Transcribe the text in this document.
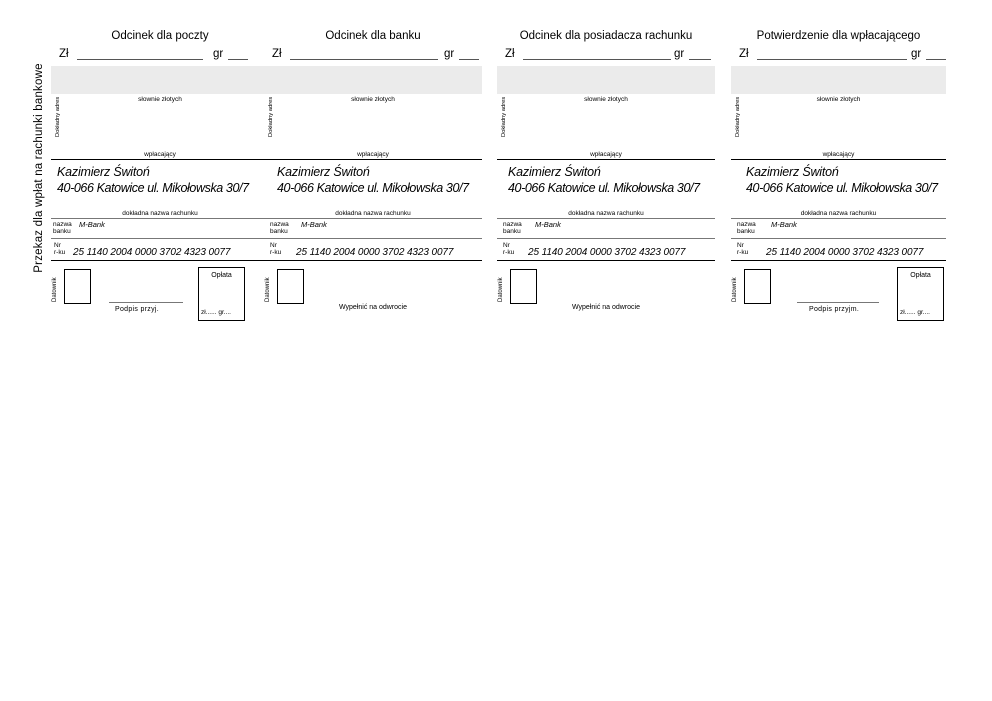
Przekaz dla wpłat na rachunki bankowe
Odcinek dla poczty
Zł	gr
słownie złotych
Dokładny adres
wpłacający
Kazimierz Świtoń
40-066 Katowice ul. Mikołowska 30/7
dokładna nazwa rachunku
nazwa
banku
M-Bank
Nr
r-ku 25 1140 2004 0000 3702 4323 0077
Datownik
Podpis przyj.
Opłata
zł...... gr....
Odcinek dla banku
Zł	gr
słownie złotych
Dokładny adres
wpłacający
Kazimierz Świtoń
40-066 Katowice ul. Mikołowska 30/7
dokładna nazwa rachunku
nazwa
banku
M-Bank
Nr
r-ku 25 1140 2004 0000 3702 4323 0077
Datownik
Wypełnić na odwrocie
Odcinek dla posiadacza rachunku
Zł	gr
słownie złotych
Dokładny adres
wpłacający
Kazimierz Świtoń
40-066 Katowice ul. Mikołowska 30/7
dokładna nazwa rachunku
nazwa
banku
M-Bank
Nr
r-ku 25 1140 2004 0000 3702 4323 0077
Datownik
Wypełnić na odwrocie
Potwierdzenie dla wpłacającego
Zł	gr
słownie złotych
Dokładny adres
wpłacający
Kazimierz Świtoń
40-066 Katowice ul. Mikołowska 30/7
dokładna nazwa rachunku
nazwa
banku
M-Bank
Nr
r-ku 25 1140 2004 0000 3702 4323 0077
Datownik
Podpis przyjm.
Opłata
zł...... gr....
